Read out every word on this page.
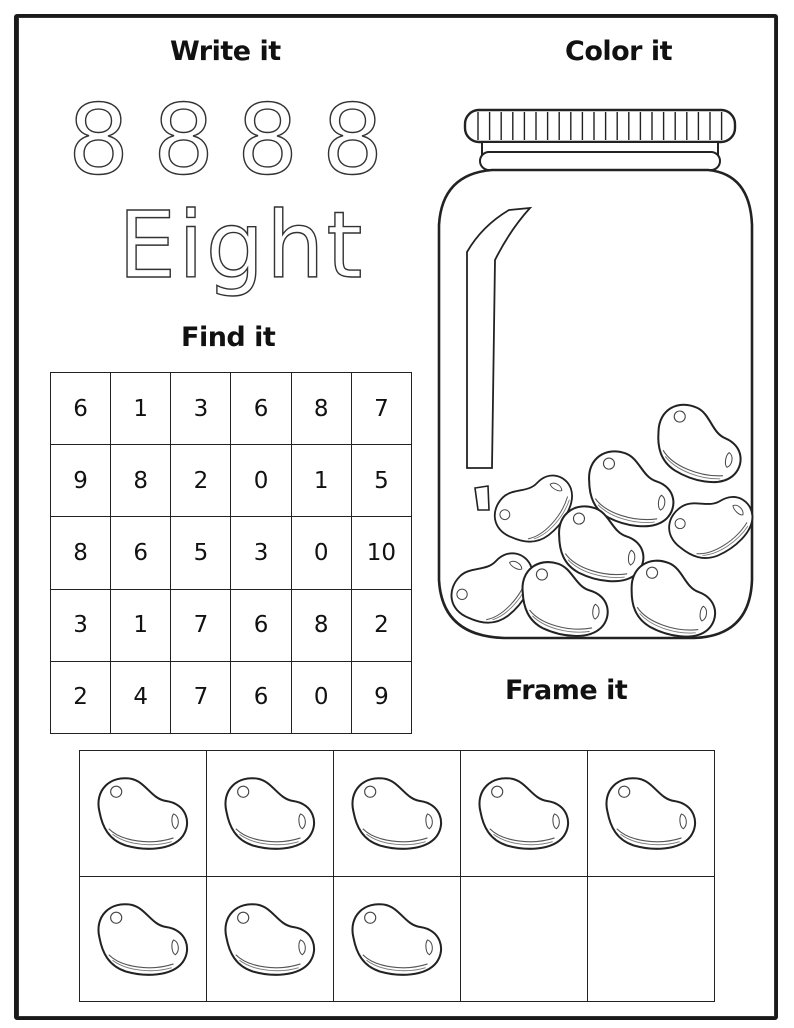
Write it	Color it
Find it
Frame it
8 8 8 8
Eight
6	1	3	6	8	7
9	8	2	0	1	5
8	6	5	3	0	10
3	1	7	6	8	2
2	4	7	6	0	9
